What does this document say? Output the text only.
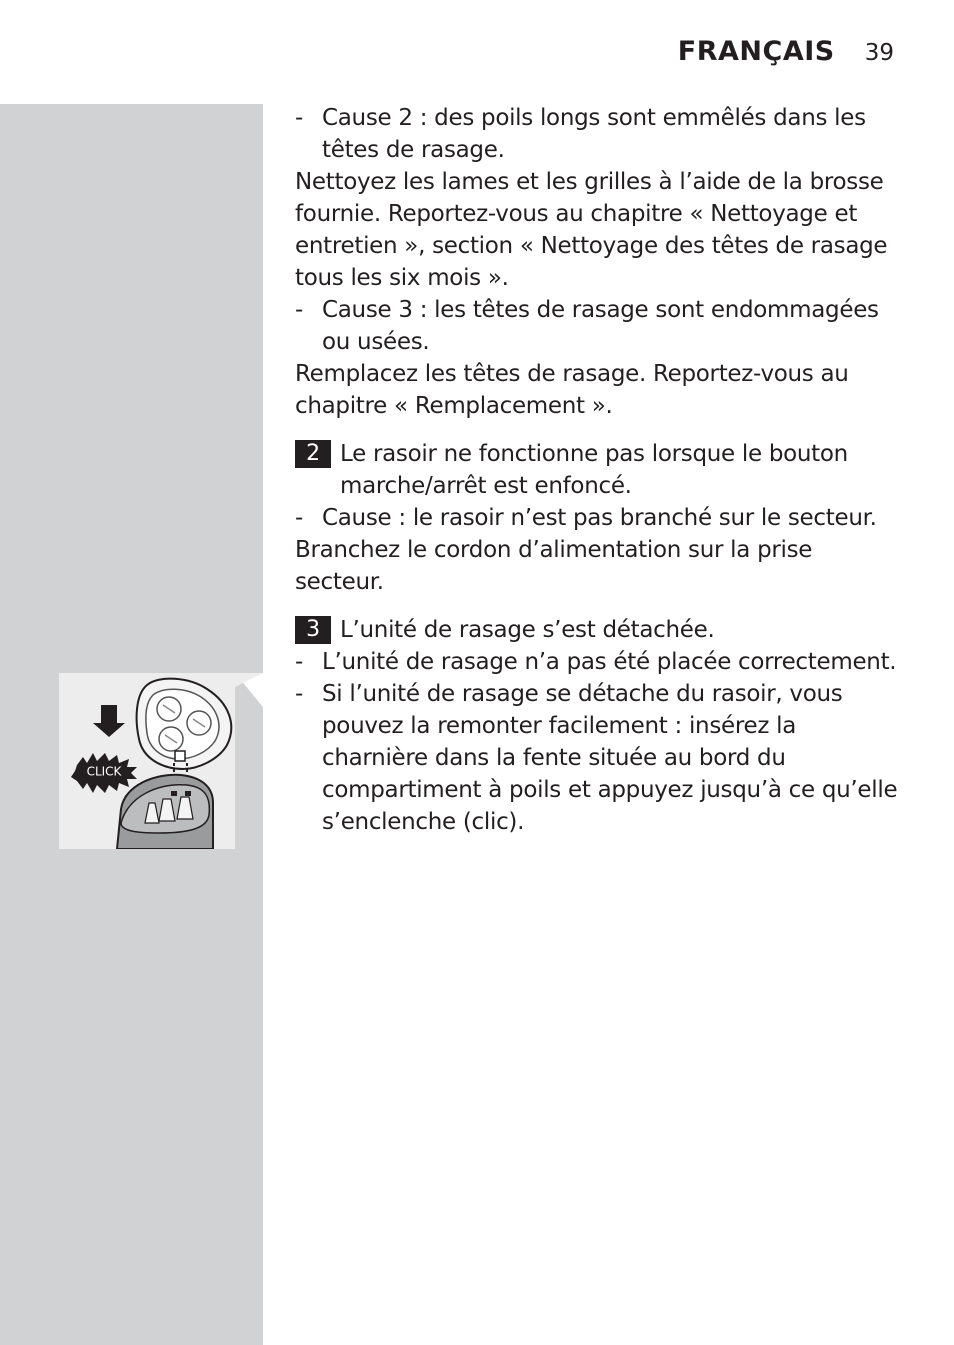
FRANÇAIS 39
- Cause 2 : des poils longs sont emmêlés dans les têtes de rasage.

Nettoyez les lames et les grilles à l’aide de la brosse fournie. Reportez-vous au chapitre « Nettoyage et entretien », section « Nettoyage des têtes de rasage tous les six mois ».

- Cause 3 : les têtes de rasage sont endommagées ou usées.

Remplacez les têtes de rasage. Reportez-vous au chapitre « Remplacement ».

2 Le rasoir ne fonctionne pas lorsque le bouton marche/arrêt est enfoncé.
- Cause : le rasoir n’est pas branché sur le secteur.

Branchez le cordon d’alimentation sur la prise secteur.

3 L’unité de rasage s’est détachée.
- L’unité de rasage n’a pas été placée correctement.
- Si l’unité de rasage se détache du rasoir, vous pouvez la remonter facilement : insérez la charnière dans la fente située au bord du compartiment à poils et appuyez jusqu’à ce qu’elle s’enclenche (clic).
CLICK
